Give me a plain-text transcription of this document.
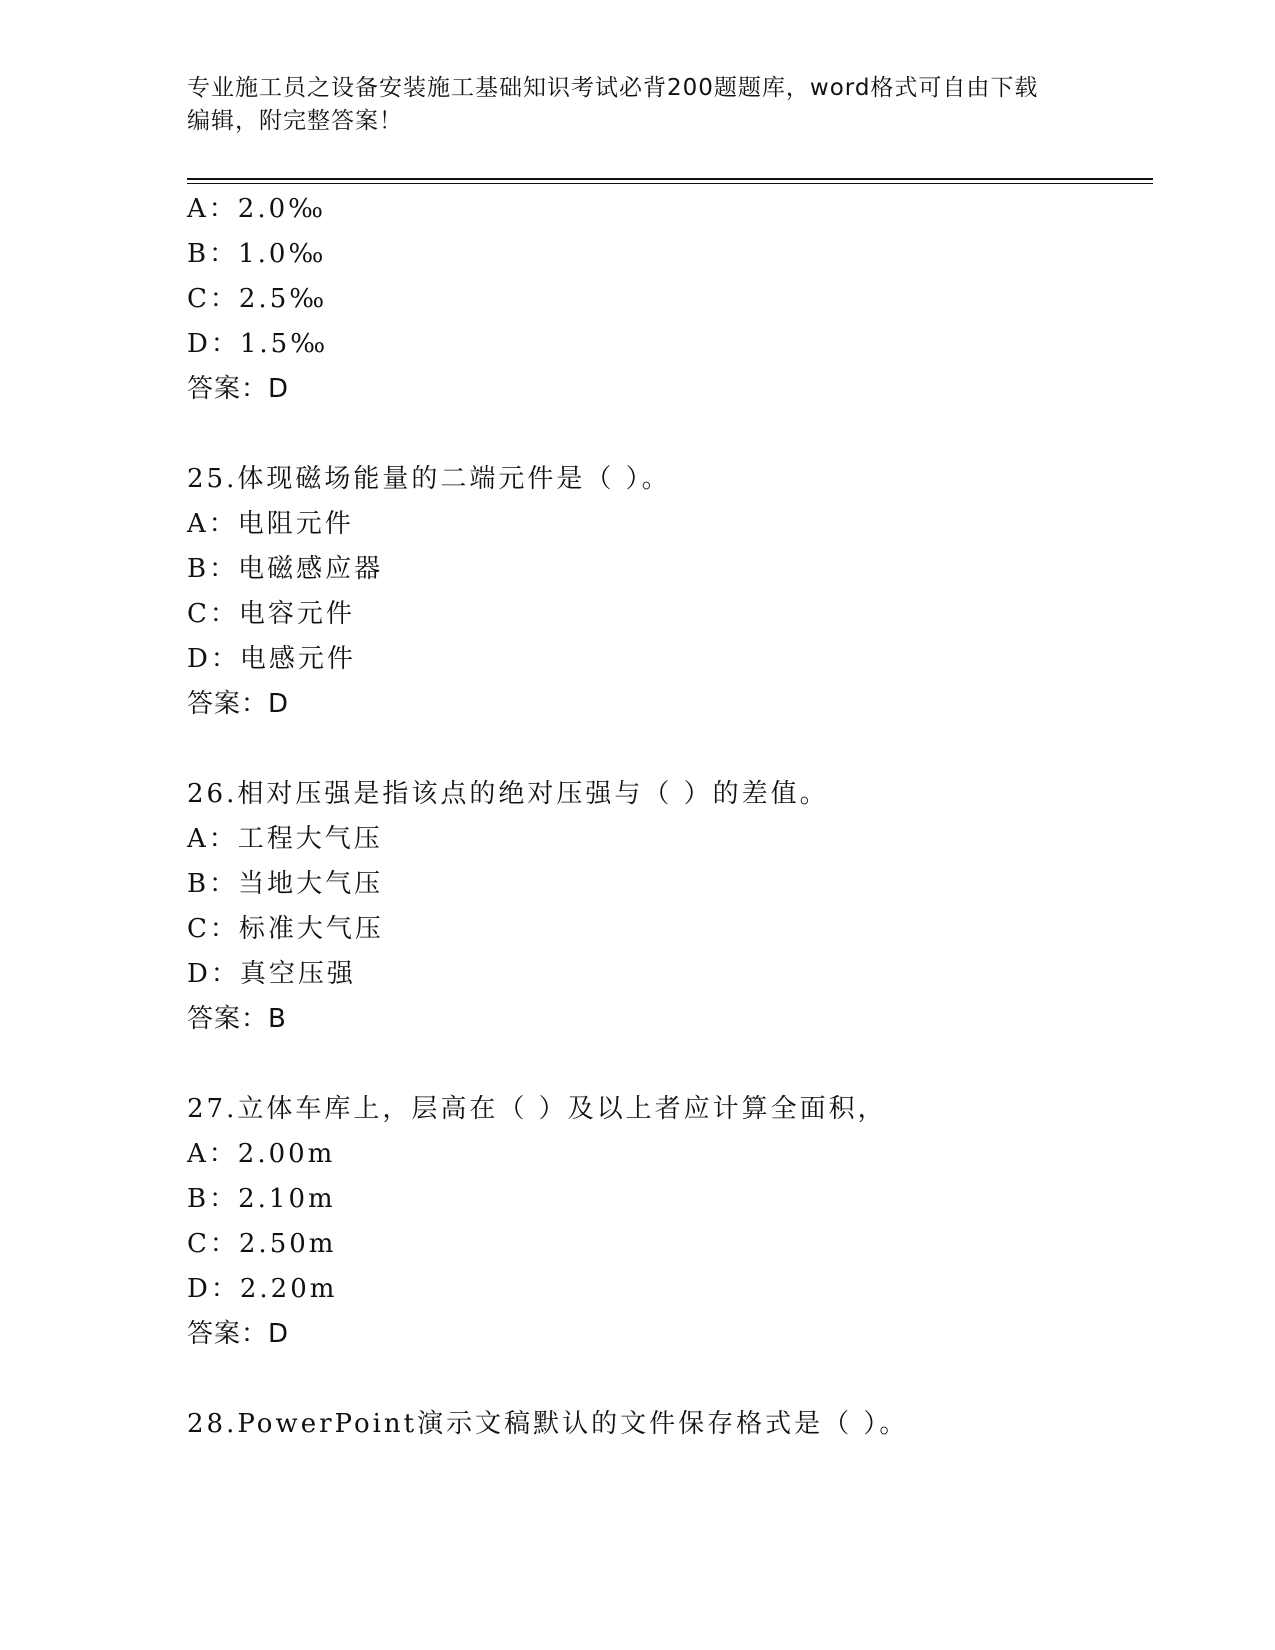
专业施工员之设备安装施工基础知识考试必背200题题库，word格式可自由下载
编辑，附完整答案！
A：2.0‰
B：1.0‰
C：2.5‰
D：1.5‰
答案：D
25.体现磁场能量的二端元件是（ ）。
A：电阻元件
B：电磁感应器
C：电容元件
D：电感元件
答案：D
26.相对压强是指该点的绝对压强与（ ）的差值。
A：工程大气压
B：当地大气压
C：标准大气压
D：真空压强
答案：B
27.立体车库上，层高在（ ）及以上者应计算全面积，
A：2.00m
B：2.10m
C：2.50m
D：2.20m
答案：D
28.PowerPoint演示文稿默认的文件保存格式是（ ）。
